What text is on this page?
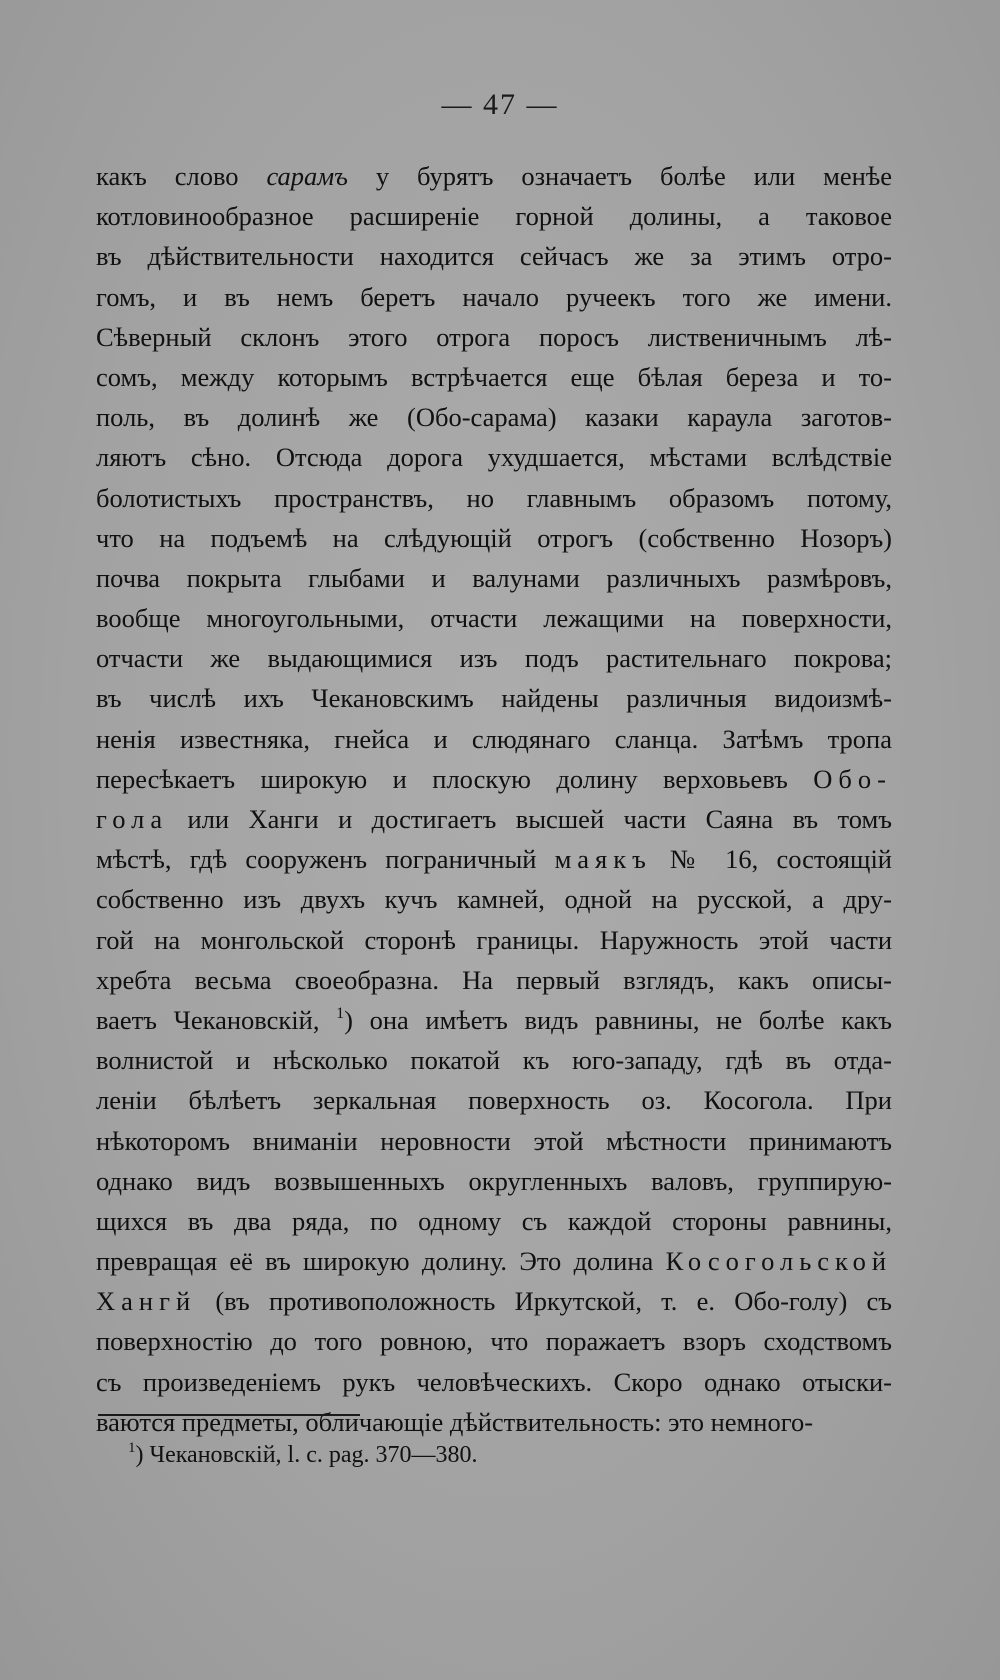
— 47 —
какъ слово сарамъ у бурятъ означаетъ болѣе или менѣе
котловинообразное расширеніе горной долины, а таковое
въ дѣйствительности находится сейчасъ же за этимъ отро-
гомъ, и въ немъ беретъ начало ручеекъ того же имени.
Сѣверный склонъ этого отрога поросъ лиственичнымъ лѣ-
сомъ, между которымъ встрѣчается еще бѣлая береза и то-
поль, въ долинѣ же (Обо-сарама) казаки караула заготов-
ляютъ сѣно. Отсюда дорога ухудшается, мѣстами вслѣдствіе
болотистыхъ пространствъ, но главнымъ образомъ потому,
что на подъемѣ на слѣдующій отрогъ (собственно Нозоръ)
почва покрыта глыбами и валунами различныхъ размѣровъ,
вообще многоугольными, отчасти лежащими на поверхности,
отчасти же выдающимися изъ подъ растительнаго покрова;
въ числѣ ихъ Чекановскимъ найдены различныя видоизмѣ-
ненія известняка, гнейса и слюдянаго сланца. Затѣмъ тропа
пересѣкаетъ широкую и плоскую долину верховьевъ Обо-
гола или Ханги и достигаетъ высшей части Саяна въ томъ
мѣстѣ, гдѣ сооруженъ пограничный маякъ № 16, состоящій
собственно изъ двухъ кучъ камней, одной на русской, а дру-
гой на монгольской сторонѣ границы. Наружность этой части
хребта весьма своеобразна. На первый взглядъ, какъ описы-
ваетъ Чекановскій, $^1$) она имѣетъ видъ равнины, не болѣе какъ
волнистой и нѣсколько покатой къ юго-западу, гдѣ въ отда-
леніи бѣлѣетъ зеркальная поверхность оз. Косогола. При
нѣкоторомъ вниманіи неровности этой мѣстности принимаютъ
однако видъ возвышенныхъ округленныхъ валовъ, группирую-
щихся въ два ряда, по одному съ каждой стороны равнины,
превращая её въ широкую долину. Это долина Косогольской
Хангй (въ противоположность Иркутской, т. е. Обо-голу) съ
поверхностію до того ровною, что поражаетъ взоръ сходствомъ
съ произведеніемъ рукъ человѣческихъ. Скоро однако отыски-
ваются предметы, обличающіе дѣйствительность: это немного-
$^1$) Чекановскій, l. c. pag. 370—380.
